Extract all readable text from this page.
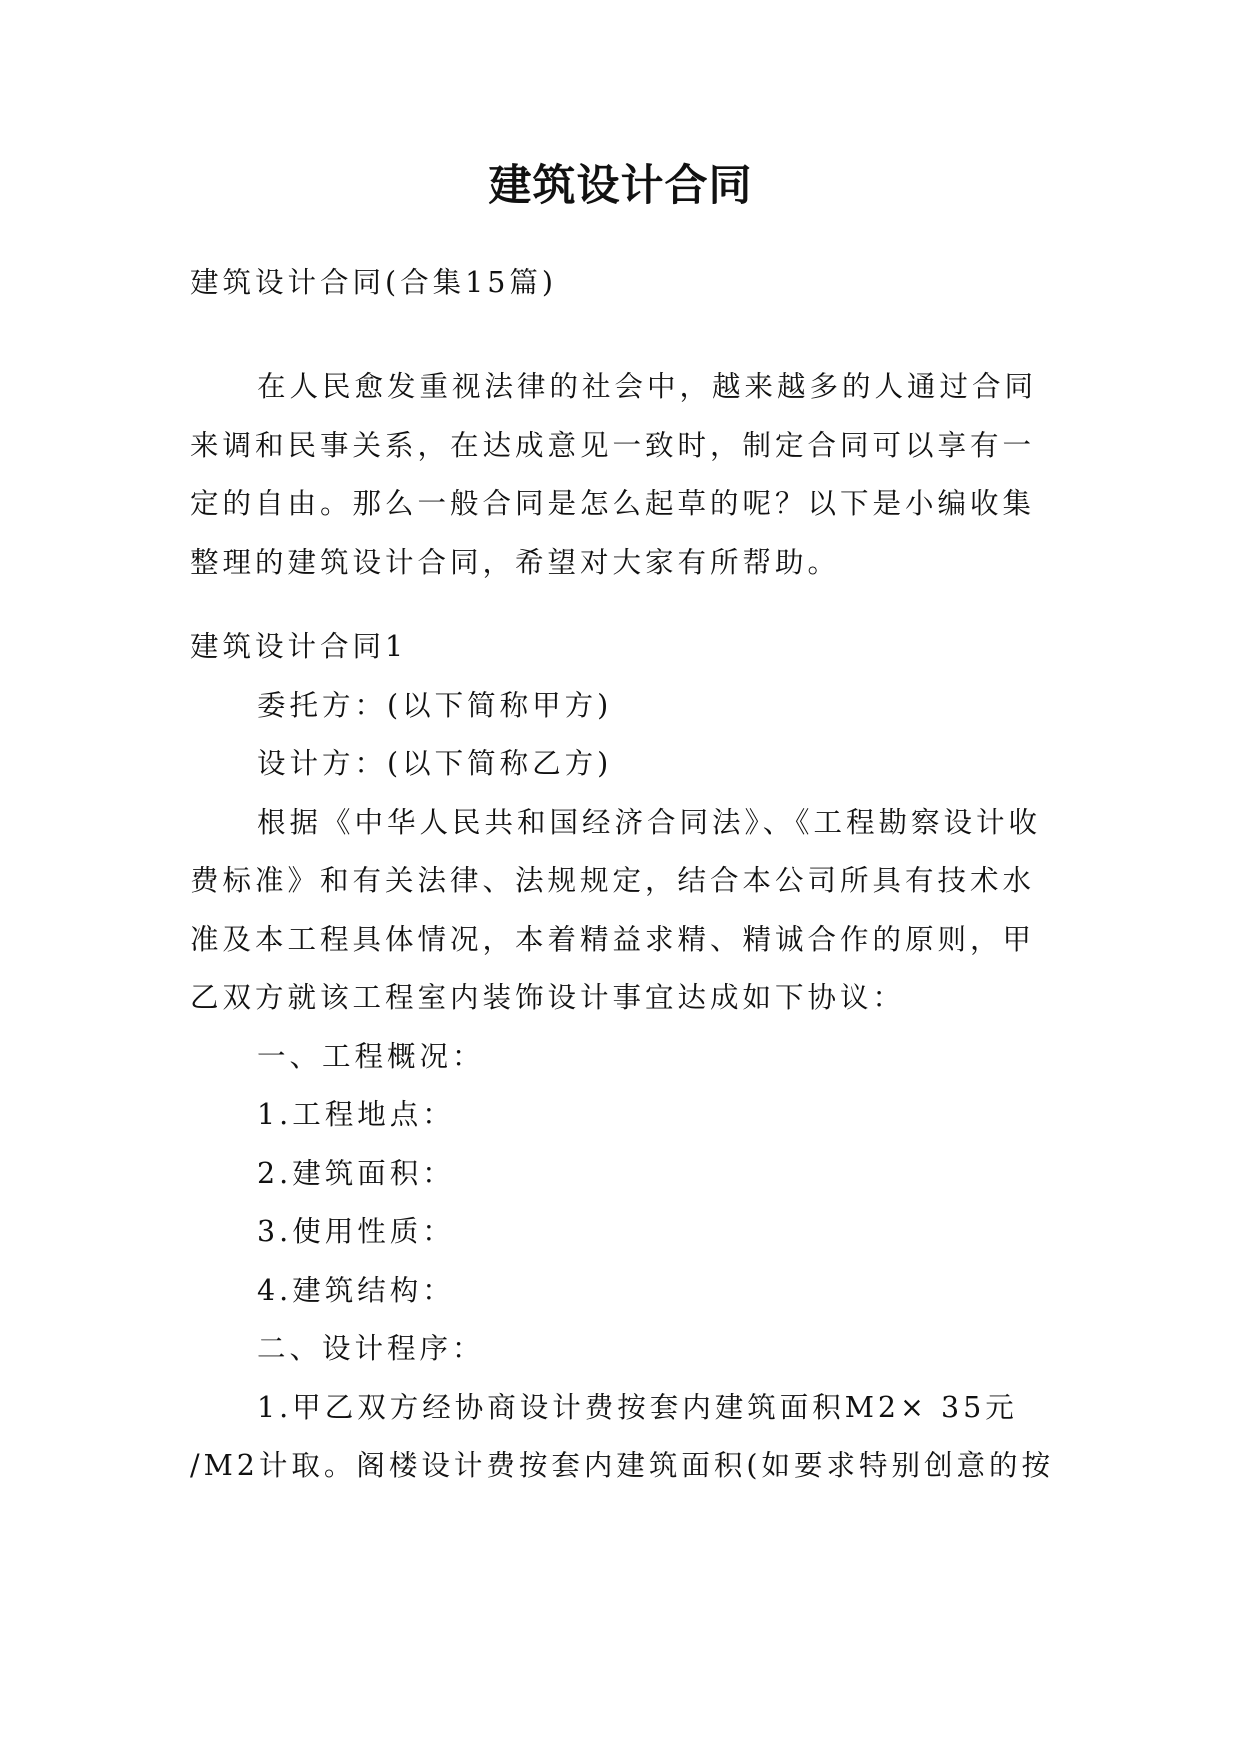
建筑设计合同
建筑设计合同(合集15篇)
在人民愈发重视法律的社会中，越来越多的人通过合同
来调和民事关系，在达成意见一致时，制定合同可以享有一
定的自由。那么一般合同是怎么起草的呢？以下是小编收集
整理的建筑设计合同，希望对大家有所帮助。
建筑设计合同1
委托方：(以下简称甲方)
设计方：(以下简称乙方)
根据《中华人民共和国经济合同法》、《工程勘察设计收
费标准》和有关法律、法规规定，结合本公司所具有技术水
准及本工程具体情况，本着精益求精、精诚合作的原则，甲
乙双方就该工程室内装饰设计事宜达成如下协议：
一、工程概况：
1.工程地点：
2.建筑面积：
3.使用性质：
4.建筑结构：
二、设计程序：
1.甲乙双方经协商设计费按套内建筑面积M2× 35元
/M2计取。阁楼设计费按套内建筑面积(如要求特别创意的按
